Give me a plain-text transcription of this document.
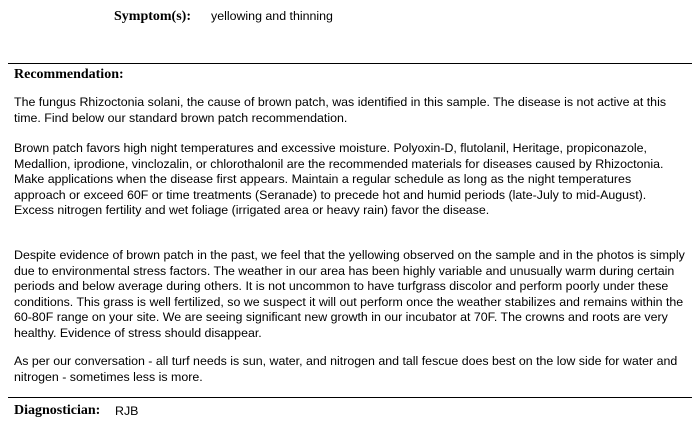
Symptom(s): yellowing and thinning
Recommendation:

The fungus Rhizoctonia solani, the cause of brown patch, was identified in this sample. The disease is not active at this time. Find below our standard brown patch recommendation.

Brown patch favors high night temperatures and excessive moisture. Polyoxin-D, flutolanil, Heritage, propiconazole, Medallion, iprodione, vinclozalin, or chlorothalonil are the recommended materials for diseases caused by Rhizoctonia. Make applications when the disease first appears. Maintain a regular schedule as long as the night temperatures approach or exceed 60F or time treatments (Seranade) to precede hot and humid periods (late-July to mid-August). Excess nitrogen fertility and wet foliage (irrigated area or heavy rain) favor the disease.

Despite evidence of brown patch in the past, we feel that the yellowing observed on the sample and in the photos is simply due to environmental stress factors. The weather in our area has been highly variable and unusually warm during certain periods and below average during others. It is not uncommon to have turfgrass discolor and perform poorly under these conditions. This grass is well fertilized, so we suspect it will out perform once the weather stabilizes and remains within the 60-80F range on your site. We are seeing significant new growth in our incubator at 70F. The crowns and roots are very healthy. Evidence of stress should disappear.

As per our conversation - all turf needs is sun, water, and nitrogen and tall fescue does best on the low side for water and nitrogen - sometimes less is more.

Diagnostician: RJB
